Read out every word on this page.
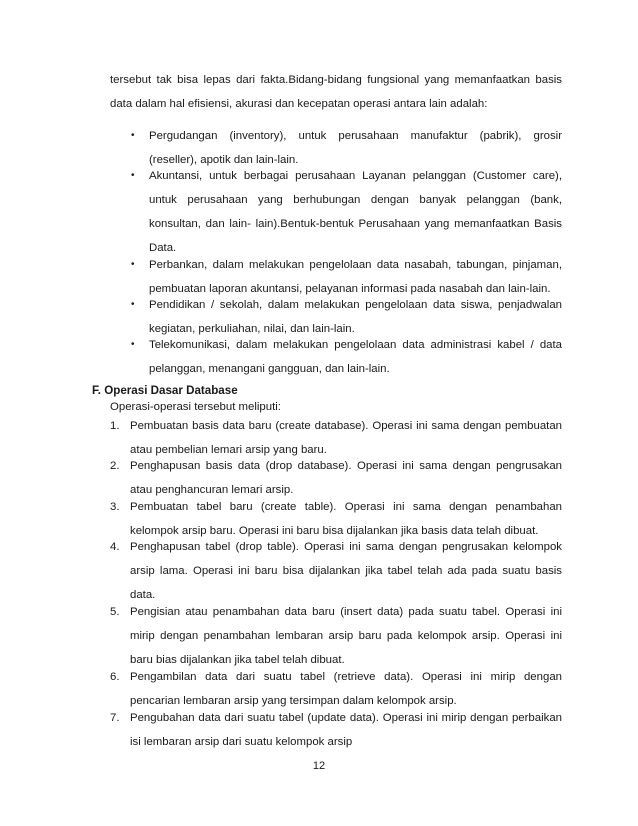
tersebut tak bisa lepas dari fakta.Bidang-bidang fungsional yang memanfaatkan basis
data dalam hal efisiensi, akurasi dan kecepatan operasi antara lain adalah:
• Pergudangan (inventory), untuk perusahaan manufaktur (pabrik), grosir
(reseller), apotik dan lain-lain.
• Akuntansi, untuk berbagai perusahaan Layanan pelanggan (Customer care),
untuk perusahaan yang berhubungan dengan banyak pelanggan (bank,
konsultan, dan lain- lain).Bentuk-bentuk Perusahaan yang memanfaatkan Basis
Data.
• Perbankan, dalam melakukan pengelolaan data nasabah, tabungan, pinjaman,
pembuatan laporan akuntansi, pelayanan informasi pada nasabah dan lain-lain.
• Pendidikan / sekolah, dalam melakukan pengelolaan data siswa, penjadwalan
kegiatan, perkuliahan, nilai, dan lain-lain.
• Telekomunikasi, dalam melakukan pengelolaan data administrasi kabel / data
pelanggan, menangani gangguan, dan lain-lain.
F. Operasi Dasar Database
Operasi-operasi tersebut meliputi:
1. Pembuatan basis data baru (create database). Operasi ini sama dengan pembuatan
atau pembelian lemari arsip yang baru.
2. Penghapusan basis data (drop database). Operasi ini sama dengan pengrusakan
atau penghancuran lemari arsip.
3. Pembuatan tabel baru (create table). Operasi ini sama dengan penambahan
kelompok arsip baru. Operasi ini baru bisa dijalankan jika basis data telah dibuat.
4. Penghapusan tabel (drop table). Operasi ini sama dengan pengrusakan kelompok
arsip lama. Operasi ini baru bisa dijalankan jika tabel telah ada pada suatu basis
data.
5. Pengisian atau penambahan data baru (insert data) pada suatu tabel. Operasi ini
mirip dengan penambahan lembaran arsip baru pada kelompok arsip. Operasi ini
baru bias dijalankan jika tabel telah dibuat.
6. Pengambilan data dari suatu tabel (retrieve data). Operasi ini mirip dengan
pencarian lembaran arsip yang tersimpan dalam kelompok arsip.
7. Pengubahan data dari suatu tabel (update data). Operasi ini mirip dengan perbaikan
isi lembaran arsip dari suatu kelompok arsip
12
